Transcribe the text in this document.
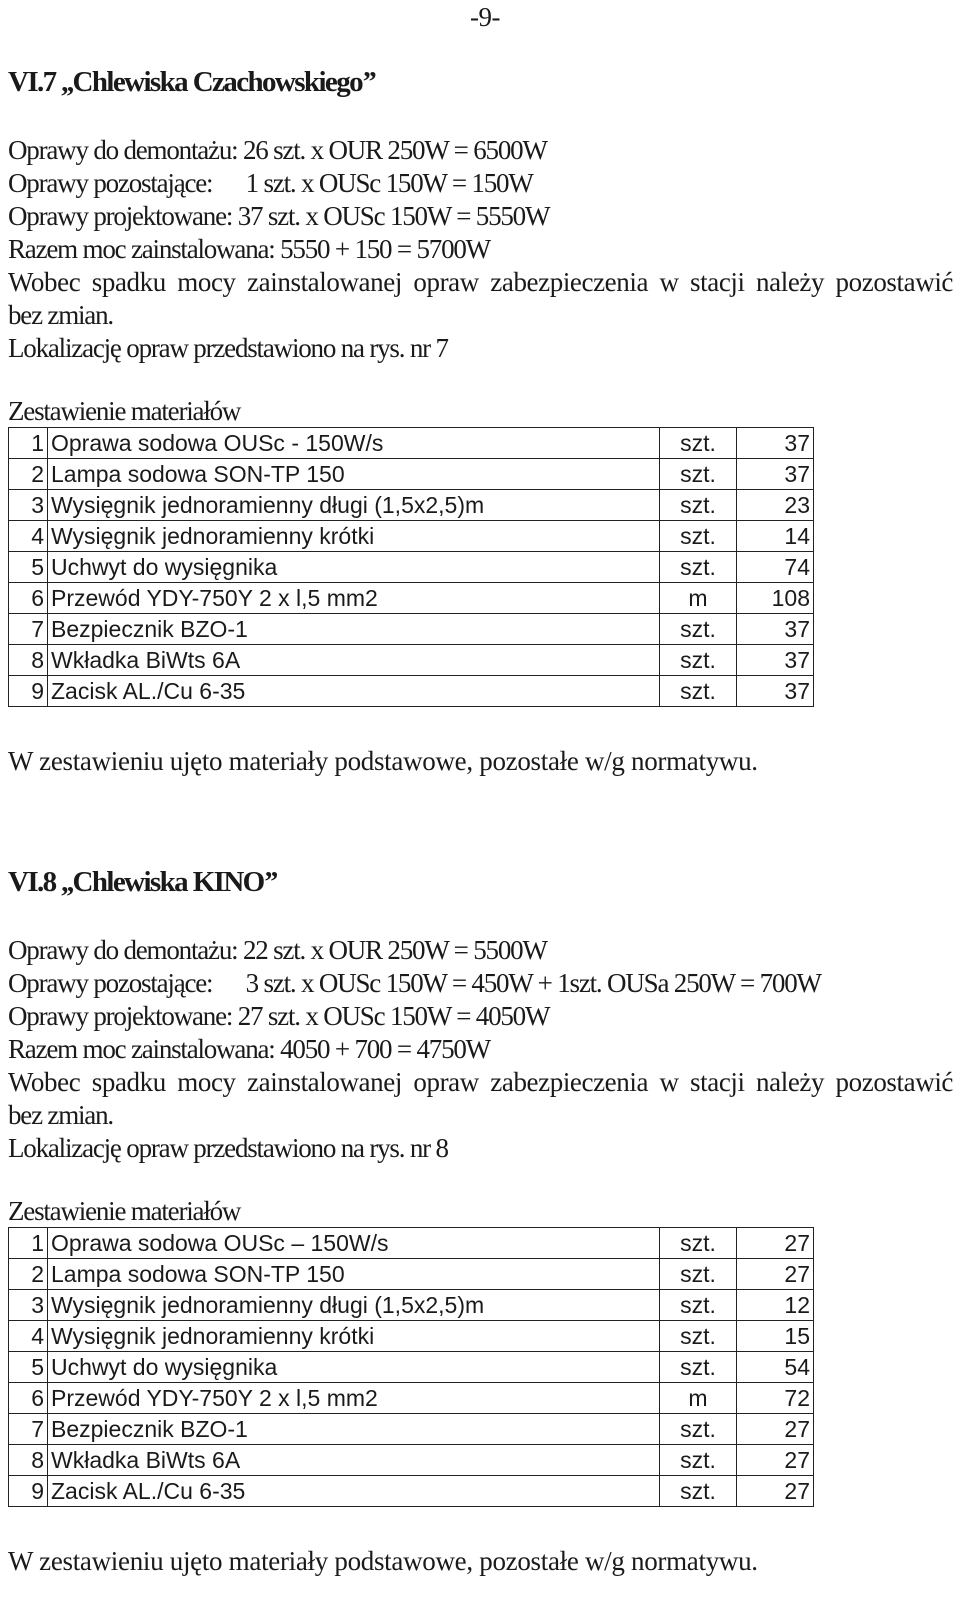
-9-
VI.7 ,,Chlewiska Czachowskiego’’
Oprawy do demontażu: 26 szt. x OUR 250W = 6500W
Oprawy pozostające:      1 szt. x OUSc 150W = 150W
Oprawy projektowane: 37 szt. x OUSc 150W = 5550W
Razem moc zainstalowana: 5550 + 150 = 5700W
Wobec spadku mocy zainstalowanej opraw zabezpieczenia w stacji należy pozostawić
bez zmian.
Lokalizację opraw przedstawiono na rys. nr 7
Zestawienie materiałów
1	Oprawa sodowa OUSc - 150W/s	szt.	37
2	Lampa sodowa SON-TP 150	szt.	37
3	Wysięgnik jednoramienny długi (1,5x2,5)m	szt.	23
4	Wysięgnik jednoramienny krótki	szt.	14
5	Uchwyt do wysięgnika	szt.	74
6	Przewód YDY-750Y 2 x l,5 mm2	m	108
7	Bezpiecznik BZO-1	szt.	37
8	Wkładka BiWts 6A	szt.	37
9	Zacisk AL./Cu 6-35	szt.	37
W zestawieniu ujęto materiały podstawowe, pozostałe w/g normatywu.
VI.8 ,,Chlewiska KINO’’
Oprawy do demontażu: 22 szt. x OUR 250W = 5500W
Oprawy pozostające:      3 szt. x OUSc 150W = 450W + 1szt. OUSa 250W = 700W
Oprawy projektowane: 27 szt. x OUSc 150W = 4050W
Razem moc zainstalowana: 4050 + 700 = 4750W
Wobec spadku mocy zainstalowanej opraw zabezpieczenia w stacji należy pozostawić
bez zmian.
Lokalizację opraw przedstawiono na rys. nr 8
Zestawienie materiałów
1	Oprawa sodowa OUSc – 150W/s	szt.	27
2	Lampa sodowa SON-TP 150	szt.	27
3	Wysięgnik jednoramienny długi (1,5x2,5)m	szt.	12
4	Wysięgnik jednoramienny krótki	szt.	15
5	Uchwyt do wysięgnika	szt.	54
6	Przewód YDY-750Y 2 x l,5 mm2	m	72
7	Bezpiecznik BZO-1	szt.	27
8	Wkładka BiWts 6A	szt.	27
9	Zacisk AL./Cu 6-35	szt.	27
W zestawieniu ujęto materiały podstawowe, pozostałe w/g normatywu.
